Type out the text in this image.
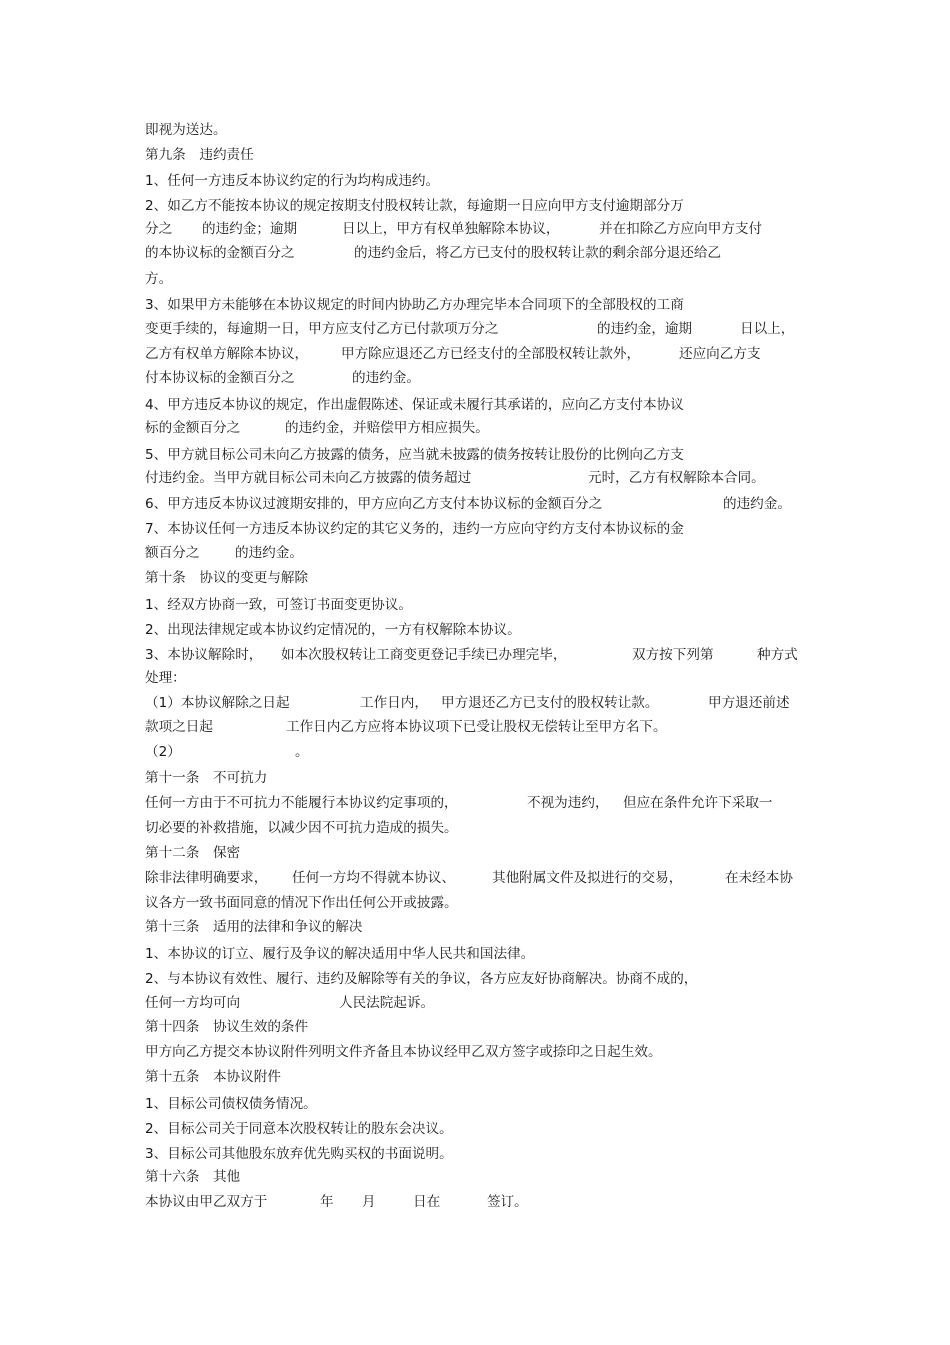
即视为送达。
第九条　违约责任
1、任何一方违反本协议约定的行为均构成违约。
2、如乙方不能按本协议的规定按期支付股权转让款，每逾期一日应向甲方支付逾期部分万

分之

的违约金；逾期

	日以上，甲方有权单独解除本协议，

	并在扣除乙方应向甲方支付

的本协议标的金额百分之

	的违约金后，将乙方已支付的股权转让款的剩余部分退还给乙

方。
3、如果甲方未能够在本协议规定的时间内协助乙方办理完毕本合同项下的全部股权的工商

变更手续的，每逾期一日，甲方应支付乙方已付款项万分之

	的违约金，逾期

	日以上，

乙方有权单方解除本协议，

甲方除应退还乙方已经支付的全部股权转让款外，

	还应向乙方支

付本协议标的金额百分之

	的违约金。

4、甲方违反本协议的规定，作出虚假陈述、保证或未履行其承诺的，应向乙方支付本协议

标的金额百分之

	的违约金，并赔偿甲方相应损失。

5、甲方就目标公司未向乙方披露的债务，应当就未披露的债务按转让股份的比例向乙方支

付违约金。当甲方就目标公司未向乙方披露的债务超过

	元时，乙方有权解除本合同。

6、甲方违反本协议过渡期安排的，甲方应向乙方支付本协议标的金额百分之

	的违约金。

7、本协议任何一方违反本协议约定的其它义务的，违约一方应向守约方支付本协议标的金

额百分之

	的违约金。

第十条　协议的变更与解除
1、经双方协商一致，可签订书面变更协议。
2、出现法律规定或本协议约定情况的，一方有权解除本协议。

3、本协议解除时，

如本次股权转让工商变更登记手续已办理完毕，

	双方按下列第

	种方式

处理：

（1）本协议解除之日起

	工作日内，

甲方退还乙方已支付的股权转让款。

	甲方退还前述

款项之日起

	工作日内乙方应将本协议项下已受让股权无偿转让至甲方名下。

（2）

	。

第十一条　不可抗力

任何一方由于不可抗力不能履行本协议约定事项的，

	不视为违约，

但应在条件允许下采取一

切必要的补救措施，以减少因不可抗力造成的损失。
第十二条　保密

除非法律明确要求，

任何一方均不得就本协议、

	其他附属文件及拟进行的交易，

	在未经本协

议各方一致书面同意的情况下作出任何公开或披露。
第十三条　适用的法律和争议的解决
1、本协议的订立、履行及争议的解决适用中华人民共和国法律。
2、与本协议有效性、履行、违约及解除等有关的争议，各方应友好协商解决。协商不成的，

任何一方均可向

	人民法院起诉。

第十四条　协议生效的条件
甲方向乙方提交本协议附件列明文件齐备且本协议经甲乙双方签字或捺印之日起生效。
第十五条　本协议附件
1、目标公司债权债务情况。
2、目标公司关于同意本次股权转让的股东会决议。
3、目标公司其他股东放弃优先购买权的书面说明。
第十六条　其他

本协议由甲乙双方于

	年

月

	日在

	签订。
